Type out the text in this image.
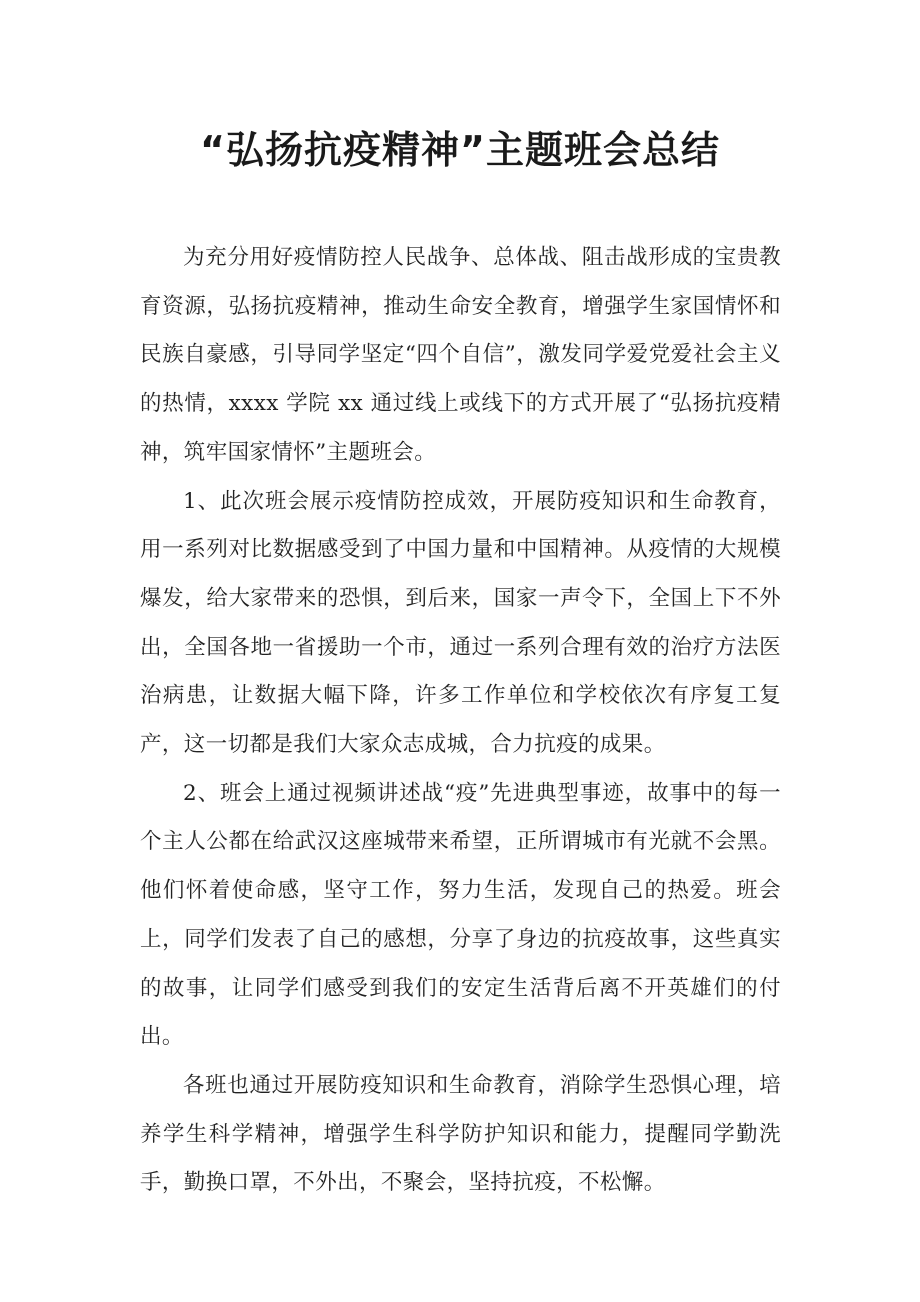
“弘扬抗疫精神”主题班会总结

为充分用好疫情防控人民战争、总体战、阻击战形成的宝贵教育资源，弘扬抗疫精神，推动生命安全教育，增强学生家国情怀和民族自豪感，引导同学坚定“四个自信”，激发同学爱党爱社会主义的热情，xxxx 学院 xx 通过线上或线下的方式开展了“弘扬抗疫精神，筑牢国家情怀”主题班会。

1、此次班会展示疫情防控成效，开展防疫知识和生命教育，用一系列对比数据感受到了中国力量和中国精神。从疫情的大规模爆发，给大家带来的恐惧，到后来，国家一声令下，全国上下不外出，全国各地一省援助一个市，通过一系列合理有效的治疗方法医治病患，让数据大幅下降，许多工作单位和学校依次有序复工复产，这一切都是我们大家众志成城，合力抗疫的成果。

2、班会上通过视频讲述战“疫”先进典型事迹，故事中的每一个主人公都在给武汉这座城带来希望，正所谓城市有光就不会黑。他们怀着使命感，坚守工作，努力生活，发现自己的热爱。班会上，同学们发表了自己的感想，分享了身边的抗疫故事，这些真实的故事，让同学们感受到我们的安定生活背后离不开英雄们的付出。

各班也通过开展防疫知识和生命教育，消除学生恐惧心理，培养学生科学精神，增强学生科学防护知识和能力，提醒同学勤洗手，勤换口罩，不外出，不聚会，坚持抗疫，不松懈。
